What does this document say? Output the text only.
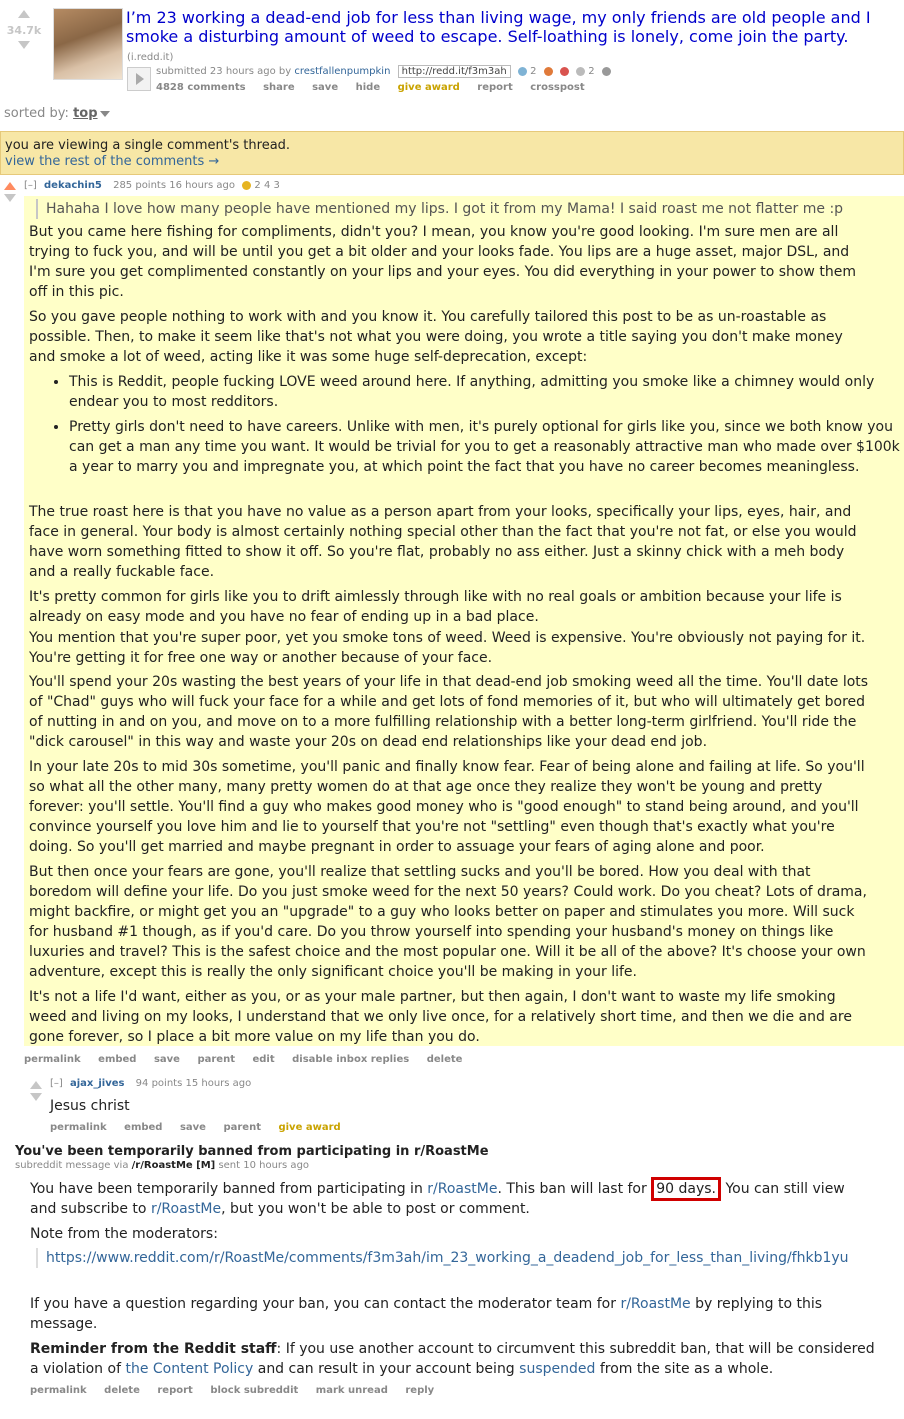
34.7k
I’m 23 working a dead-end job for less than living wage, my only friends are old people and I smoke a disturbing amount of weed to escape. Self-loathing is lonely, come join the party.
(i.redd.it)
submitted 23 hours ago by crestfallenpumpkin http://redd.it/f3m3ah 2	2
4828 comments share save hide give award report crosspost
sorted by: top
you are viewing a single comment's thread.
view the rest of the comments →
[–] dekachin5 285 points 16 hours ago 2 4 3
Hahaha I love how many people have mentioned my lips. I got it from my Mama! I said roast me not flatter me :p

But you came here fishing for compliments, didn't you? I mean, you know you're good looking. I'm sure men are all trying to fuck you, and will be until you get a bit older and your looks fade. You lips are a huge asset, major DSL, and I'm sure you get complimented constantly on your lips and your eyes. You did everything in your power to show them off in this pic.

So you gave people nothing to work with and you know it. You carefully tailored this post to be as un-roastable as possible. Then, to make it seem like that's not what you were doing, you wrote a title saying you don't make money and smoke a lot of weed, acting like it was some huge self-deprecation, except:

• This is Reddit, people fucking LOVE weed around here. If anything, admitting you smoke like a chimney would only endear you to most redditors.
• Pretty girls don't need to have careers. Unlike with men, it's purely optional for girls like you, since we both know you can get a man any time you want. It would be trivial for you to get a reasonably attractive man who made over $100k a year to marry you and impregnate you, at which point the fact that you have no career becomes meaningless.

The true roast here is that you have no value as a person apart from your looks, specifically your lips, eyes, hair, and face in general. Your body is almost certainly nothing special other than the fact that you're not fat, or else you would have worn something fitted to show it off. So you're flat, probably no ass either. Just a skinny chick with a meh body and a really fuckable face.

It's pretty common for girls like you to drift aimlessly through like with no real goals or ambition because your life is already on easy mode and you have no fear of ending up in a bad place.

You mention that you're super poor, yet you smoke tons of weed. Weed is expensive. You're obviously not paying for it. You're getting it for free one way or another because of your face.

You'll spend your 20s wasting the best years of your life in that dead-end job smoking weed all the time. You'll date lots of "Chad" guys who will fuck your face for a while and get lots of fond memories of it, but who will ultimately get bored of nutting in and on you, and move on to a more fulfilling relationship with a better long-term girlfriend. You'll ride the "dick carousel" in this way and waste your 20s on dead end relationships like your dead end job.

In your late 20s to mid 30s sometime, you'll panic and finally know fear. Fear of being alone and failing at life. So you'll so what all the other many, many pretty women do at that age once they realize they won't be young and pretty forever: you'll settle. You'll find a guy who makes good money who is "good enough" to stand being around, and you'll convince yourself you love him and lie to yourself that you're not "settling" even though that's exactly what you're doing. So you'll get married and maybe pregnant in order to assuage your fears of aging alone and poor.

But then once your fears are gone, you'll realize that settling sucks and you'll be bored. How you deal with that boredom will define your life. Do you just smoke weed for the next 50 years? Could work. Do you cheat? Lots of drama, might backfire, or might get you an "upgrade" to a guy who looks better on paper and stimulates you more. Will suck for husband #1 though, as if you'd care. Do you throw yourself into spending your husband's money on things like luxuries and travel? This is the safest choice and the most popular one. Will it be all of the above? It's choose your own adventure, except this is really the only significant choice you'll be making in your life.

It's not a life I'd want, either as you, or as your male partner, but then again, I don't want to waste my life smoking weed and living on my looks, I understand that we only live once, for a relatively short time, and then we die and are gone forever, so I place a bit more value on my life than you do.

permalink embed save parent edit disable inbox replies delete
[–] ajax_jives 94 points 15 hours ago
Jesus christ
permalink embed save parent give award
You've been temporarily banned from participating in r/RoastMe
subreddit message via /r/RoastMe [M] sent 10 hours ago

You have been temporarily banned from participating in r/RoastMe. This ban will last for 90 days. You can still view and subscribe to r/RoastMe, but you won't be able to post or comment.

Note from the moderators:

https://www.reddit.com/r/RoastMe/comments/f3m3ah/im_23_working_a_deadend_job_for_less_than_living/fhkb1yu

If you have a question regarding your ban, you can contact the moderator team for r/RoastMe by replying to this message.

Reminder from the Reddit staff: If you use another account to circumvent this subreddit ban, that will be considered a violation of the Content Policy and can result in your account being suspended from the site as a whole.

permalink delete report block subreddit mark unread reply
